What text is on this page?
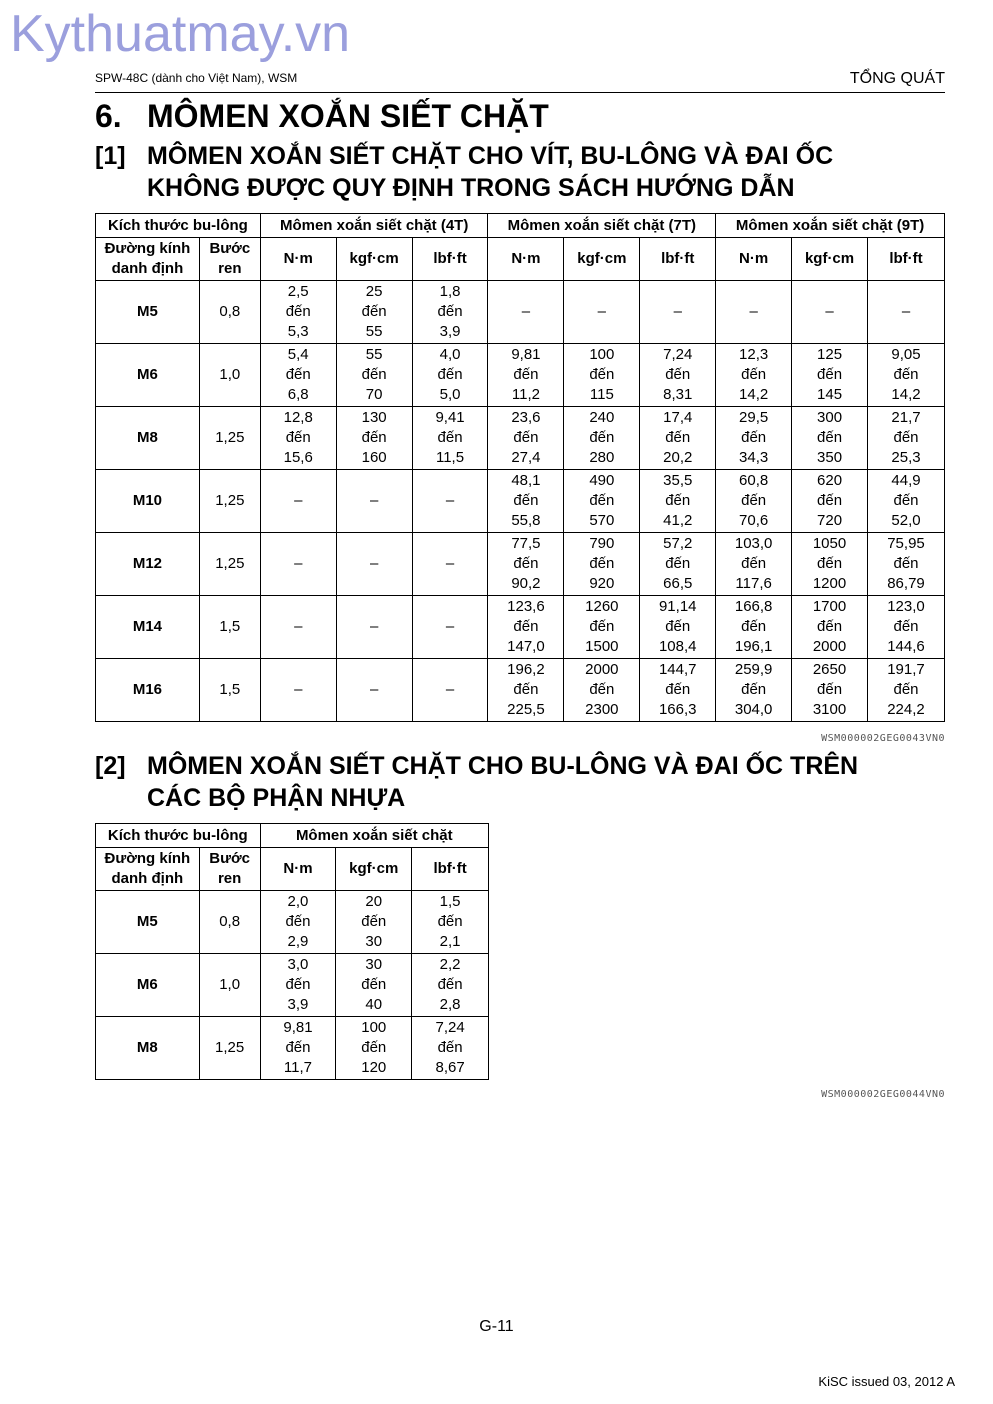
Kythuatmay.vn
SPW-48C (dành cho Việt Nam), WSM	TỔNG QUÁT
6. MÔMEN XOẮN SIẾT CHẶT
[1] MÔMEN XOẮN SIẾT CHẶT CHO VÍT, BU-LÔNG VÀ ĐAI ỐC
KHÔNG ĐƯỢC QUY ĐỊNH TRONG SÁCH HƯỚNG DẪN
Kích thước bu-lông		Mômen xoắn siết chặt (4T)			Mômen xoắn siết chặt (7T)			Mômen xoắn siết chặt (9T)		
Đường kính danh định	Bước ren	N·m	kgf·cm	lbf·ft	N·m	kgf·cm	lbf·ft	N·m	kgf·cm	lbf·ft
M5	0,8	2,5
đến
5,3	25
đến
55	1,8
đến
3,9	–	–	–	–	–	–

M6	1,0	5,4
đến
6,8	55
đến
70	4,0
đến
5,0	9,81
đến
11,2	100
đến
115	7,24
đến
8,31	12,3
đến
14,2	125
đến
145	9,05
đến
14,2

M8	1,25	12,8
đến
15,6	130
đến
160	9,41
đến
11,5	23,6
đến
27,4	240
đến
280	17,4
đến
20,2	29,5
đến
34,3	300
đến
350	21,7
đến
25,3

M10	1,25	–	–	–	48,1
đến
55,8	490
đến
570	35,5
đến
41,2	60,8
đến
70,6	620
đến
720	44,9
đến
52,0

M12	1,25	–	–	–	77,5
đến
90,2	790
đến
920	57,2
đến
66,5	103,0
đến
117,6	1050
đến
1200	75,95
đến
86,79

M14	1,5	–	–	–	123,6
đến
147,0	1260
đến
1500	91,14
đến
108,4	166,8
đến
196,1	1700
đến
2000	123,0
đến
144,6

M16	1,5	–	–	–	196,2
đến
225,5	2000
đến
2300	144,7
đến
166,3	259,9
đến
304,0	2650
đến
3100	191,7
đến
224,2
WSM000002GEG0043VN0
[2] MÔMEN XOẮN SIẾT CHẶT CHO BU-LÔNG VÀ ĐAI ỐC TRÊN
CÁC BỘ PHẬN NHỰA
Kích thước bu-lông		Mômen xoắn siết chặt		
Đường kính danh định	Bước ren	N·m	kgf·cm	lbf·ft
M5	0,8	2,0
đến
2,9	20
đến
30	1,5
đến
2,1

M6	1,0	3,0
đến
3,9	30
đến
40	2,2
đến
2,8

M8	1,25	9,81
đến
11,7	100
đến
120	7,24
đến
8,67
WSM000002GEG0044VN0
G-11
KiSC issued 03, 2012 A
